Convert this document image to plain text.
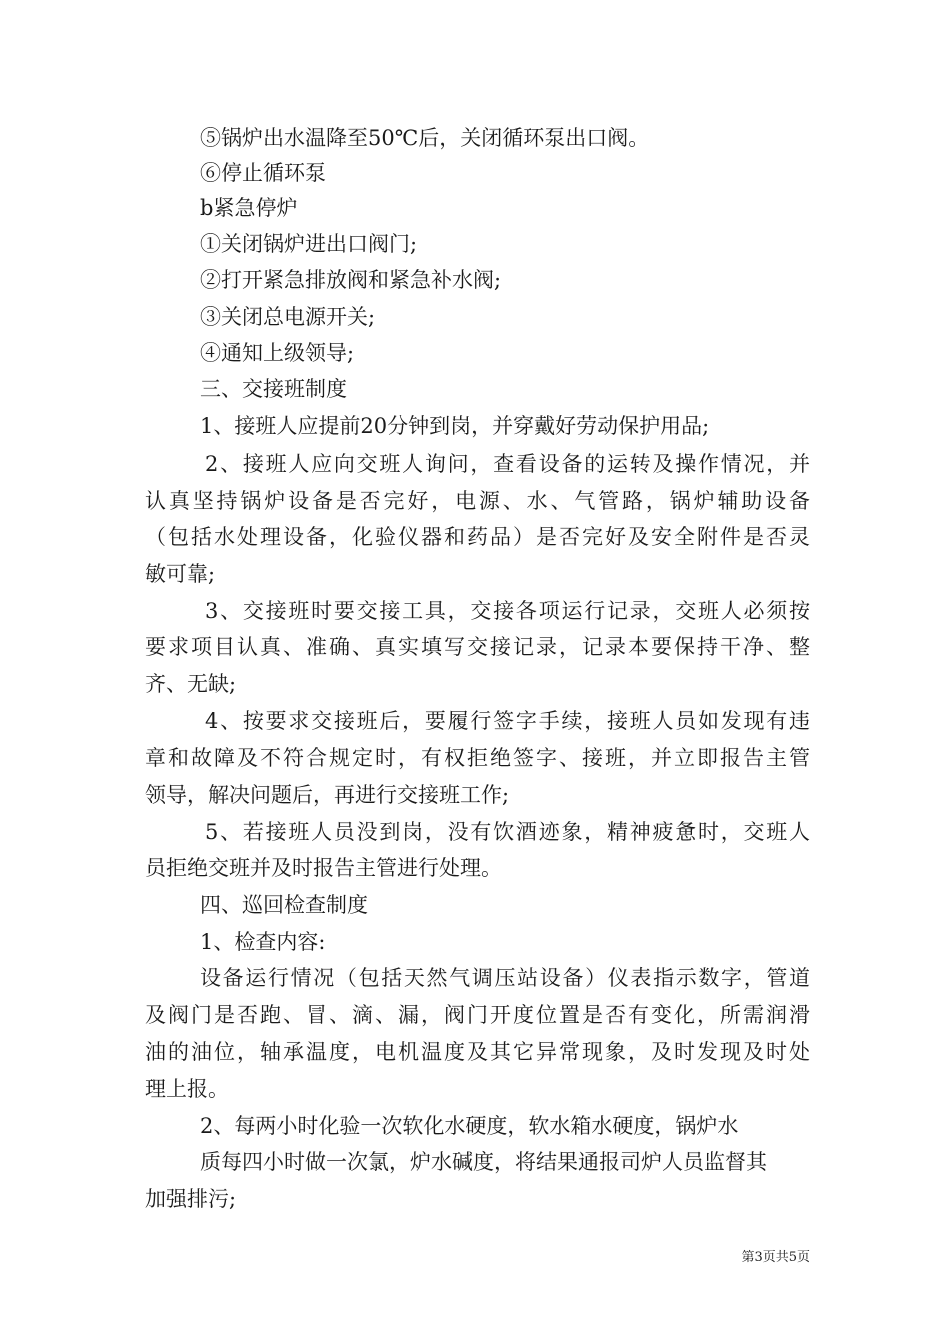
⑤锅炉出水温降至50℃后，关闭循环泵出口阀。
⑥停止循环泵
b紧急停炉
①关闭锅炉进出口阀门;
②打开紧急排放阀和紧急补水阀;
③关闭总电源开关;
④通知上级领导;
三、交接班制度
1、接班人应提前20分钟到岗，并穿戴好劳动保护用品;
2、接班人应向交班人询问，查看设备的运转及操作情况，并
认真坚持锅炉设备是否完好，电源、水、气管路，锅炉辅助设备
（包括水处理设备，化验仪器和药品）是否完好及安全附件是否灵
敏可靠;
3、交接班时要交接工具，交接各项运行记录，交班人必须按
要求项目认真、准确、真实填写交接记录，记录本要保持干净、整
齐、无缺;
4、按要求交接班后，要履行签字手续，接班人员如发现有违
章和故障及不符合规定时，有权拒绝签字、接班，并立即报告主管
领导，解决问题后，再进行交接班工作;
5、若接班人员没到岗，没有饮酒迹象，精神疲惫时，交班人
员拒绝交班并及时报告主管进行处理。
四、巡回检查制度
1、检查内容:
设备运行情况（包括天然气调压站设备）仪表指示数字，管道
及阀门是否跑、冒、滴、漏，阀门开度位置是否有变化，所需润滑
油的油位，轴承温度，电机温度及其它异常现象，及时发现及时处
理上报。
2、每两小时化验一次软化水硬度，软水箱水硬度，锅炉水
质每四小时做一次氯，炉水碱度，将结果通报司炉人员监督其
加强排污;
第3页共5页
